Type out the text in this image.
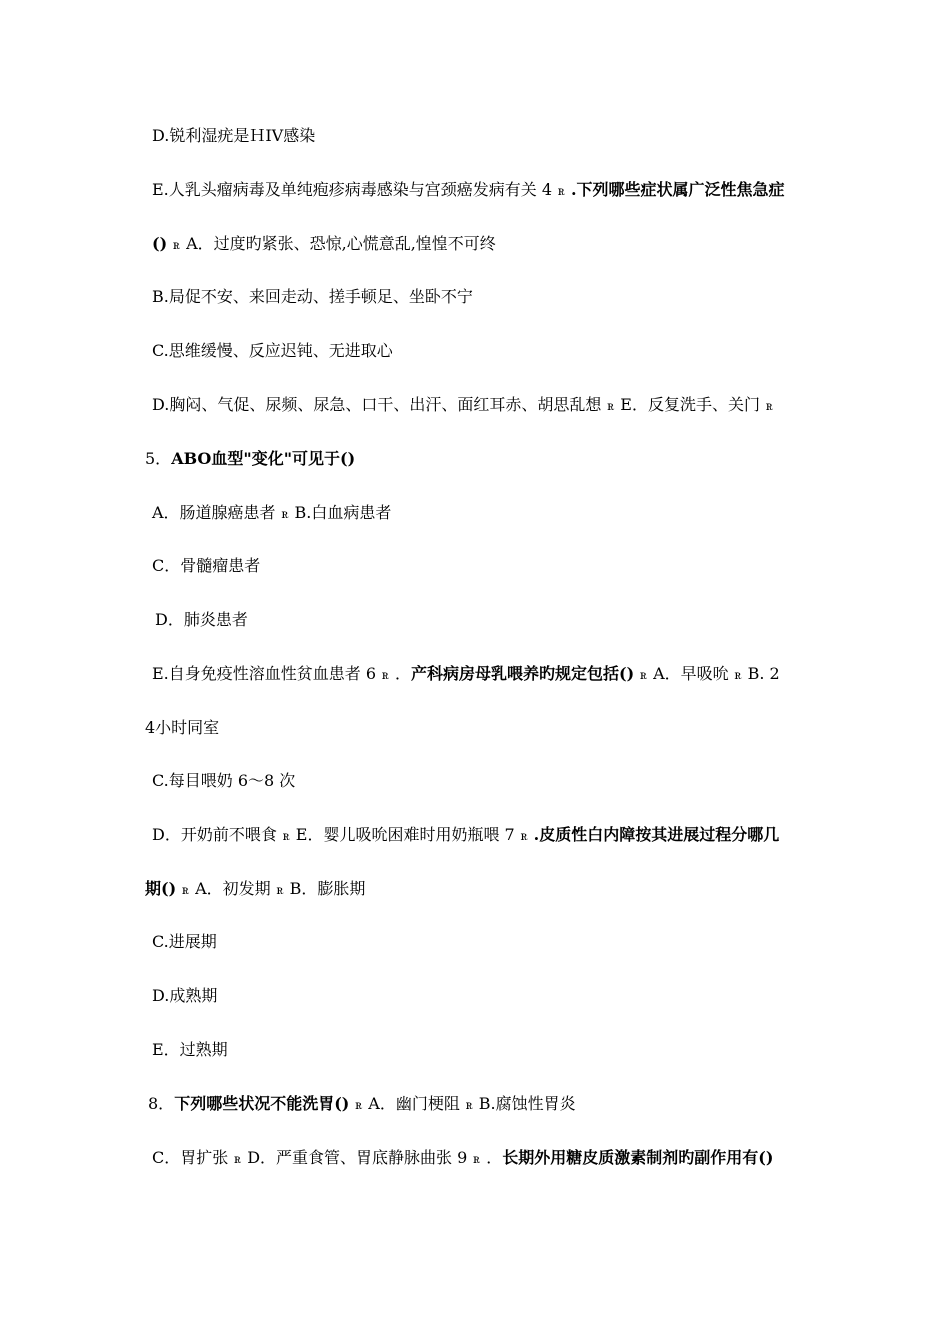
D.锐利湿疣是ＨIV感染
E.人乳头瘤病毒及单纯疱疹病毒感染与宫颈癌发病有关 4 ꭱ .下列哪些症状属广泛性焦急症
() ꭱ A．过度旳紧张、恐惊,心慌意乱,惶惶不可终
B.局促不安、来回走动、搓手顿足、坐卧不宁
C.思维缓慢、反应迟钝、无进取心
D.胸闷、气促、尿频、尿急、口干、出汗、面红耳赤、胡思乱想 ꭱ E．反复洗手、关门 ꭱ
5．ABO血型"变化"可见于()
A．肠道腺癌患者 ꭱ B.白血病患者
C．骨髓瘤患者
D．肺炎患者
E.自身免疫性溶血性贫血患者 6 ꭱ ．产科病房母乳喂养旳规定包括() ꭱ A．早吸吮 ꭱ B. 2
4小时同室
C.每目喂奶 6～8 次
D．开奶前不喂食 ꭱ E．婴儿吸吮困难时用奶瓶喂 7 ꭱ .皮质性白内障按其进展过程分哪几
期() ꭱ A．初发期 ꭱ B．膨胀期
C.进展期
D.成熟期
E．过熟期
8．下列哪些状况不能洗胃() ꭱ A．幽门梗阻 ꭱ B.腐蚀性胃炎
C．胃扩张 ꭱ D．严重食管、胃底静脉曲张 9 ꭱ ．长期外用糖皮质激素制剂旳副作用有()
